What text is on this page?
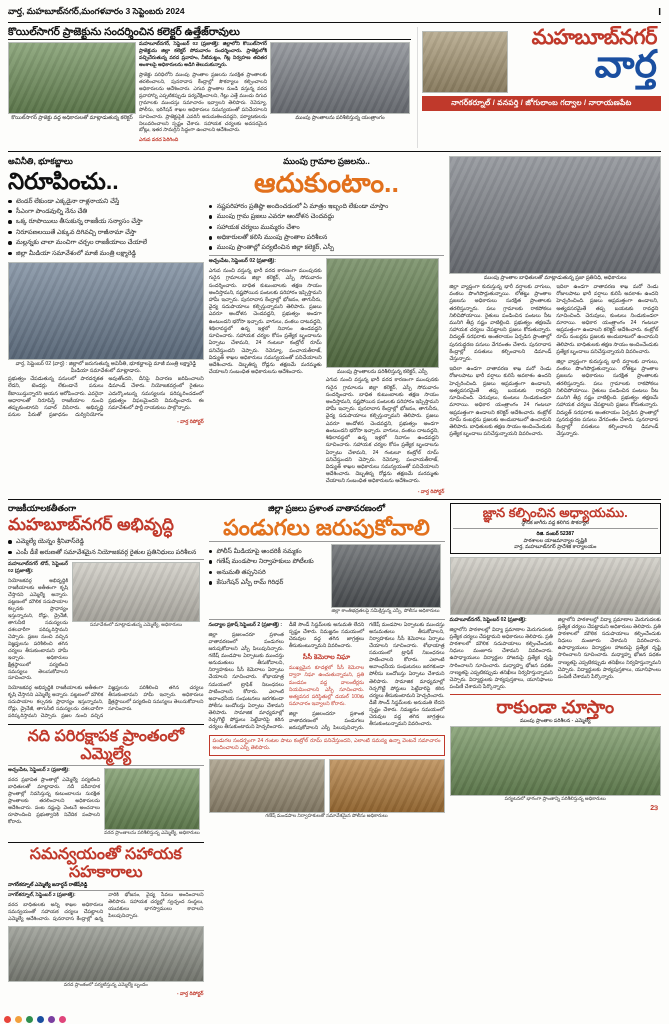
వార్త, మహబూబ్‌నగర్,మంగళవారం 3 సెప్టెంబరు 2024	I
కొయిల్‌సాగర్ ప్రాజెక్టును సందర్శించిన కలెక్టర్ ఉత్తేజ్‌రావులు
కొయిల్‌సాగర్ ప్రాజెక్టు వద్ద అధికారులతో మాట్లాడుతున్న కలెక్టర్

మహబూబ్‌నగర్, సెప్టెంబర్ 02 (ప్రజాశక్తి): జిల్లాలోని కొయిల్‌సాగర్ ప్రాజెక్టును జిల్లా కలెక్టర్ సోమవారం సందర్శించారు. ప్రాజెక్టులోకి వచ్చిచేరుతున్న వరద ప్రవాహం, నీటిమట్టం, గేట్ల నిర్వహణ తదితర అంశాలపై అధికారులను అడిగి తెలుసుకున్నారు.

ప్రాజెక్టు పరిధిలోని ముంపు ప్రాంతాల ప్రజలను సురక్షిత ప్రాంతాలకు తరలించాలని, పునరావాస కేంద్రాల్లో సౌకర్యాలు కల్పించాలని అధికారులను ఆదేశించారు. ఎగువ ప్రాంతాల నుండి వస్తున్న వరద ప్రవాహాన్ని ఎప్పటికప్పుడు పర్యవేక్షించాలని, గేట్లు ఎత్తే ముందు దిగువ గ్రామాలకు ముందస్తు సమాచారం ఇవ్వాలని తెలిపారు. రెవెన్యూ, పోలీసు, ఇరిగేషన్ శాఖల అధికారులు సమన్వయంతో పనిచేయాలని సూచించారు. ప్రాజెక్టుపైకి ఎవరినీ అనుమతించవద్దని, పర్యాటకులను నిలువరించాలని స్పష్టం చేశారు. సహాయక చర్యలకు అవసరమైన బోట్లు, ఇతర సామగ్రిని సిద్ధంగా ఉంచాలని ఆదేశించారు.

ఎగువ వరద పెరిగింది

ముంపు ప్రాంతాలను పరిశీలిస్తున్న యంత్రాంగం
మహబూబ్‌నగర్
వార్త
నాగర్‌కర్నూల్ / వనపర్తి / జోగులాంబ గద్వాల / నారాయణపేట
అవినీతి, భూకబ్జాలు
నిరూపించు..
టెండర్ లేకుండా ఎక్కడైనా రాళ్లనాయని చేస్తే
సీఎంగా పాండవుల్ని నేను చేతి
ఒక్క రూపాయిలు తీసుకున్న రాజకీయ సన్యాసం చేస్తా
నిరూపణలయితే ఎక్కువ దిగివచ్చి రాజీనామా చేస్తా
మల్లన్నకు చాలా మంచిగా చర్చల రాజకీయాలు చేయాలే
జిల్లా మీడియా సమావేశంలో మాజీ మంత్రి లక్ష్మారెడ్డి
వార్త, సెప్టెంబర్ 02 (వార్త) : జిల్లాలో జరుగుతున్న అవినీతి, భూకబ్జాలపై మాజీ మంత్రి లక్ష్మారెడ్డి మీడియా సమావేశంలో మాట్లాడారు.

ప్రభుత్వం చేపడుతున్న పనులలో పారదర్శకత లేదని, టెండర్లు లేకుండానే పనులు కేటాయిస్తున్నారని ఆయన ఆరోపించారు. ఎవరైనా ఆధారాలతో నిరూపిస్తే రాజకీయాల నుంచి తప్పుకుంటానని సవాల్ విసిరారు. అభివృద్ధి పనుల పేరుతో ప్రజాధనం దుర్వినియోగం అవుతోందని, దీనిపై విచారణ జరిపించాలని డిమాండ్ చేశారు. నియోజకవర్గంలో రైతులు ఎదుర్కొంటున్న సమస్యలను పరిష్కరించడంలో ప్రభుత్వం విఫలమైందని విమర్శించారు. ఈ సమావేశంలో పార్టీ నాయకులు పాల్గొన్నారు.

- వార్త రిపోర్టర్
ముంపు గ్రామాల ప్రజలను..
ఆదుకుంటాం..
నష్టపరిహారం ప్రతిష్టా అందించడంలో ఏ మాత్రం ఇబ్బంది లేకుండా చూస్తాం
ముంపు గ్రామ ప్రజలు ఎవరూ ఆందోళన చెందవద్దు
సహాయక చర్యలు ముమ్మరం చేశాం
అధికారులతో కలిసి ముంపు ప్రాంతాల పరిశీలన
ముంపు ప్రాంతాల్లో పర్యటించిన జిల్లా కలెక్టర్, ఎస్పీ

అచ్చంపేట, సెప్టెంబర్ 02 (ప్రజాశక్తి):

ఎగువ నుంచి వస్తున్న భారీ వరద కారణంగా ముంపునకు గురైన గ్రామాలను జిల్లా కలెక్టర్, ఎస్పీ సోమవారం సందర్శించారు. బాధిత కుటుంబాలకు తక్షణ సాయం అందిస్తామని, నష్టపోయిన పంటలకు పరిహారం ఇప్పిస్తామని హామీ ఇచ్చారు. పునరావాస కేంద్రాల్లో భోజనం, తాగునీరు, వైద్య సదుపాయాలు కల్పిస్తున్నామని తెలిపారు. ప్రజలు ఎవరూ ఆందోళన చెందవద్దని, ప్రభుత్వం అండగా ఉంటుందని భరోసా ఇచ్చారు. వాగులు, వంకలు దాటవద్దని, శిథిలావస్థలో ఉన్న ఇళ్లలో నివాసం ఉండవద్దని సూచించారు. సహాయక చర్యల కోసం ప్రత్యేక బృందాలను ఏర్పాటు చేశామని, 24 గంటలూ కంట్రోల్ రూమ్ పనిచేస్తుందని చెప్పారు. రెవెన్యూ, పంచాయతీరాజ్, విద్యుత్ శాఖల అధికారులు సమన్వయంతో పనిచేయాలని ఆదేశించారు. దెబ్బతిన్న రోడ్లను తక్షణమే మరమ్మతు చేయాలని సంబంధిత అధికారులను ఆదేశించారు.	ముంపు ప్రాంతాలను పరిశీలిస్తున్న కలెక్టర్, ఎస్పీ

ఎగువ నుంచి వస్తున్న భారీ వరద కారణంగా ముంపునకు గురైన గ్రామాలను జిల్లా కలెక్టర్, ఎస్పీ సోమవారం సందర్శించారు. బాధిత కుటుంబాలకు తక్షణ సాయం అందిస్తామని, నష్టపోయిన పంటలకు పరిహారం ఇప్పిస్తామని హామీ ఇచ్చారు. పునరావాస కేంద్రాల్లో భోజనం, తాగునీరు, వైద్య సదుపాయాలు కల్పిస్తున్నామని తెలిపారు. ప్రజలు ఎవరూ ఆందోళన చెందవద్దని, ప్రభుత్వం అండగా ఉంటుందని భరోసా ఇచ్చారు. వాగులు, వంకలు దాటవద్దని, శిథిలావస్థలో ఉన్న ఇళ్లలో నివాసం ఉండవద్దని సూచించారు. సహాయక చర్యల కోసం ప్రత్యేక బృందాలను ఏర్పాటు చేశామని, 24 గంటలూ కంట్రోల్ రూమ్ పనిచేస్తుందని చెప్పారు. రెవెన్యూ, పంచాయతీరాజ్, విద్యుత్ శాఖల అధికారులు సమన్వయంతో పనిచేయాలని ఆదేశించారు. దెబ్బతిన్న రోడ్లను తక్షణమే మరమ్మతు చేయాలని సంబంధిత అధికారులను ఆదేశించారు.

- వార్త రిపోర్టర్
ముంపు ప్రాంతాల బాధితులతో మాట్లాడుతున్న ప్రజా ప్రతినిధి, అధికారులు

జిల్లా వ్యాప్తంగా కురుస్తున్న భారీ వర్షాలకు వాగులు, వంకలు పొంగిపొర్లుతున్నాయి. లోతట్టు ప్రాంతాల ప్రజలను అధికారులు సురక్షిత ప్రాంతాలకు తరలిస్తున్నారు. పలు గ్రామాలకు రాకపోకలు నిలిచిపోయాయి. రైతులు పండించిన పంటలు నీట మునిగి తీవ్ర నష్టం వాటిల్లింది. ప్రభుత్వం తక్షణమే సహాయక చర్యలు చేపట్టాలని ప్రజలు కోరుతున్నారు. విద్యుత్ సరఫరాకు అంతరాయం ఏర్పడిన ప్రాంతాల్లో పునరుద్ధరణ పనులు వేగవంతం చేశారు. పునరావాస కేంద్రాల్లో వసతులు కల్పించాలని డిమాండ్ చేస్తున్నారు.

ఇదిలా ఉండగా వాతావరణ శాఖ మరో రెండు రోజులపాటు భారీ వర్షాలు కురిసే అవకాశం ఉందని హెచ్చరించింది. ప్రజలు అప్రమత్తంగా ఉండాలని, అత్యవసరమైతే తప్ప బయటకు రావద్దని సూచించింది. చెరువులు, కుంటలు నిండుకుండలా మారాయి. అధికార యంత్రాంగం 24 గంటలూ అప్రమత్తంగా ఉండాలని కలెక్టర్ ఆదేశించారు. కంట్రోల్ రూమ్ నంబర్లను ప్రజలకు అందుబాటులో ఉంచామని తెలిపారు. బాధితులకు తక్షణ సాయం అందించేందుకు ప్రత్యేక బృందాలు పనిచేస్తున్నాయని వివరించారు.

ఇదిలా ఉండగా వాతావరణ శాఖ మరో రెండు రోజులపాటు భారీ వర్షాలు కురిసే అవకాశం ఉందని హెచ్చరించింది. ప్రజలు అప్రమత్తంగా ఉండాలని, అత్యవసరమైతే తప్ప బయటకు రావద్దని సూచించింది. చెరువులు, కుంటలు నిండుకుండలా మారాయి. అధికార యంత్రాంగం 24 గంటలూ అప్రమత్తంగా ఉండాలని కలెక్టర్ ఆదేశించారు. కంట్రోల్ రూమ్ నంబర్లను ప్రజలకు అందుబాటులో ఉంచామని తెలిపారు. బాధితులకు తక్షణ సాయం అందించేందుకు ప్రత్యేక బృందాలు పనిచేస్తున్నాయని వివరించారు.

జిల్లా వ్యాప్తంగా కురుస్తున్న భారీ వర్షాలకు వాగులు, వంకలు పొంగిపొర్లుతున్నాయి. లోతట్టు ప్రాంతాల ప్రజలను అధికారులు సురక్షిత ప్రాంతాలకు తరలిస్తున్నారు. పలు గ్రామాలకు రాకపోకలు నిలిచిపోయాయి. రైతులు పండించిన పంటలు నీట మునిగి తీవ్ర నష్టం వాటిల్లింది. ప్రభుత్వం తక్షణమే సహాయక చర్యలు చేపట్టాలని ప్రజలు కోరుతున్నారు. విద్యుత్ సరఫరాకు అంతరాయం ఏర్పడిన ప్రాంతాల్లో పునరుద్ధరణ పనులు వేగవంతం చేశారు. పునరావాస కేంద్రాల్లో వసతులు కల్పించాలని డిమాండ్ చేస్తున్నారు.

రాజకీయాలకతీతంగా
మహబూబ్‌నగర్ అభివృద్ధి
ఎమ్మెల్యే యెన్నం శ్రీనివాస్‌రెడ్డి
ఎంపీ డీకే అరుణతో సమావేశమైన నియోజకవర్గ రైతుల ప్రతినిధులు పరిశీలన

మహబూబ్‌నగర్ టౌన్, సెప్టెంబర్ 02 (ప్రజాశక్తి):

నియోజకవర్గ అభివృద్ధికి రాజకీయాలకు అతీతంగా కృషి చేస్తానని ఎమ్మెల్యే అన్నారు. పట్టణంలో మౌలిక సదుపాయాల కల్పనకు ప్రాధాన్యం ఇస్తున్నామని, రోడ్లు, డ్రైనేజీ, తాగునీటి సమస్యలను దశలవారీగా పరిష్కరిస్తామని చెప్పారు. ప్రజల నుంచి వచ్చిన విజ్ఞప్తులను పరిశీలించి తగిన చర్యలు తీసుకుంటామని హామీ ఇచ్చారు. అధికారులు క్షేత్రస్థాయిలో పర్యటించి సమస్యలు తెలుసుకోవాలని సూచించారు.

సమావేశంలో మాట్లాడుతున్న ఎమ్మెల్యే, అధికారులు

నియోజకవర్గ అభివృద్ధికి రాజకీయాలకు అతీతంగా కృషి చేస్తానని ఎమ్మెల్యే అన్నారు. పట్టణంలో మౌలిక సదుపాయాల కల్పనకు ప్రాధాన్యం ఇస్తున్నామని, రోడ్లు, డ్రైనేజీ, తాగునీటి సమస్యలను దశలవారీగా పరిష్కరిస్తామని చెప్పారు. ప్రజల నుంచి వచ్చిన విజ్ఞప్తులను పరిశీలించి తగిన చర్యలు తీసుకుంటామని హామీ ఇచ్చారు. అధికారులు క్షేత్రస్థాయిలో పర్యటించి సమస్యలు తెలుసుకోవాలని సూచించారు.

నది పరిరక్షాపక ప్రాంతంలో ఎమ్మెల్యే

అచ్చంపేట, సెప్టెంబర్ 2 (ప్రజాశక్తి):

వరద ప్రభావిత ప్రాంతాల్లో ఎమ్మెల్యే పర్యటించి బాధితులతో మాట్లాడారు. నదీ పరీవాహక ప్రాంతాల్లో నివసిస్తున్న కుటుంబాలను సురక్షిత ప్రాంతాలకు తరలించాలని అధికారులను ఆదేశించారు. పంట నష్టంపై వెంటనే అంచనాలు రూపొందించి ప్రభుత్వానికి నివేదిక పంపాలని కోరారు.

వరద ప్రాంతాలను పరిశీలిస్తున్న ఎమ్మెల్యే, అధికారులు
సమన్వయంతో సహాయక సహకారాలు
నాగర్‌కర్నూల్ ఎమ్మెల్యే జనార్ధన్ రాజేష్‌రెడ్డి

నాగర్‌కర్నూల్, సెప్టెంబర్ 2 (ప్రజాశక్తి):

వరద బాధితులకు అన్ని శాఖల అధికారులు సమన్వయంతో సహాయక చర్యలు చేపట్టాలని ఎమ్మెల్యే ఆదేశించారు. పునరావాస కేంద్రాల్లో ఉన్న వారికి భోజనం, వైద్య సేవలు అందించాలని తెలిపారు. సహాయక చర్యల్లో స్వచ్ఛంద సంస్థలు, యువకులు భాగస్వాములు కావాలని పిలుపునిచ్చారు.

వరద ప్రాంతంలో పర్యటిస్తున్న ఎమ్మెల్యే బృందం
- వార్త రిపోర్టర్
జిల్లా ప్రజలు ప్రశాంత వాతావరణంలో
పండుగలు జరుపుకోవాలి
పోలీస్ మీడియాపై అందరికీ నమ్మకం
గణేష్ మండపాల నిర్వాహకులు పోటీలకు
అనుమతి తప్పనిసరి
కేసుగేషన్ ఎస్పీ రామ్ గిరిధర్
జిల్లా శాంతిభద్రతలపై సమీక్షిస్తున్న ఎస్పీ, పోలీసు అధికారులు

నంద్యాల ప్రకాష్ సెప్టెంబర్ 2 (ప్రజాశక్తి) :

జిల్లా ప్రజలందరూ ప్రశాంత వాతావరణంలో పండుగలు జరుపుకోవాలని ఎస్పీ పిలుపునిచ్చారు. గణేష్ మండపాల ఏర్పాటుకు ముందస్తు అనుమతులు తీసుకోవాలని, నిర్వాహకులు సీసీ కెమెరాలు ఏర్పాటు చేయాలని సూచించారు. శోభాయాత్ర సమయంలో ట్రాఫిక్ నిబంధనలు పాటించాలని కోరారు. ఎలాంటి అవాంఛనీయ సంఘటనలు జరగకుండా పోలీసు బందోబస్తు ఏర్పాటు చేశామని తెలిపారు. సామాజిక మాధ్యమాల్లో రెచ్చగొట్టే పోస్టులు పెట్టేవారిపై కఠిన చర్యలు తీసుకుంటామని హెచ్చరించారు. డీజే సౌండ్ సిస్టమ్‌లకు అనుమతి లేదని స్పష్టం చేశారు. నిమజ్జనం సమయంలో చెరువుల వద్ద తగిన జాగ్రత్తలు తీసుకుంటున్నామని వివరించారు.

సీసీ కెమెరాల నిఘా

ముఖ్యమైన కూడళ్లలో సీసీ కెమెరాల ద్వారా నిఘా ఉంచుతున్నామని, ప్రతి మండపం వద్ద వాలంటీర్లను నియమించాలని ఎస్పీ సూచించారు. అత్యవసర పరిస్థితుల్లో డయల్ 100కు సమాచారం ఇవ్వాలని కోరారు.

జిల్లా ప్రజలందరూ ప్రశాంత వాతావరణంలో పండుగలు జరుపుకోవాలని ఎస్పీ పిలుపునిచ్చారు. గణేష్ మండపాల ఏర్పాటుకు ముందస్తు అనుమతులు తీసుకోవాలని, నిర్వాహకులు సీసీ కెమెరాలు ఏర్పాటు చేయాలని సూచించారు. శోభాయాత్ర సమయంలో ట్రాఫిక్ నిబంధనలు పాటించాలని కోరారు. ఎలాంటి అవాంఛనీయ సంఘటనలు జరగకుండా పోలీసు బందోబస్తు ఏర్పాటు చేశామని తెలిపారు. సామాజిక మాధ్యమాల్లో రెచ్చగొట్టే పోస్టులు పెట్టేవారిపై కఠిన చర్యలు తీసుకుంటామని హెచ్చరించారు. డీజే సౌండ్ సిస్టమ్‌లకు అనుమతి లేదని స్పష్టం చేశారు. నిమజ్జనం సమయంలో చెరువుల వద్ద తగిన జాగ్రత్తలు తీసుకుంటున్నామని వివరించారు.

పండుగల సందర్భంగా 24 గంటల పాటు కంట్రోల్ రూమ్ పనిచేస్తుందని, ఎలాంటి సమస్య ఉన్నా వెంటనే సమాచారం అందించాలని ఎస్పీ తెలిపారు.
గణేష్ మండపాల నిర్వాహకులతో సమావేశమైన పోలీసు అధికారులు
జ్ఞాన కల్పించిన అధ్యాయము.
స్థానిక జాగీరు వద్ద కలిగిన సౌకర్యాల
రిజి. నంబర్ 52387
పాఠశాలల యాజమాన్యాల దృష్టికి
వార్త, మహబూబ్‌నగర్ ప్రాదేశిక కార్యాలయం

మహబూబ్‌నగర్, సెప్టెంబర్ 02 (ప్రజాశక్తి):

జిల్లాలోని పాఠశాలల్లో విద్యా ప్రమాణాల మెరుగుదలకు ప్రత్యేక చర్యలు చేపట్టామని అధికారులు తెలిపారు. ప్రతి పాఠశాలలో మౌలిక సదుపాయాలు కల్పించేందుకు నిధులు మంజూరు చేశామని వివరించారు. ఉపాధ్యాయులు విద్యార్థుల హాజరుపై ప్రత్యేక దృష్టి సారించాలని సూచించారు. మధ్యాహ్న భోజన పథకం నాణ్యతపై ఎప్పటికప్పుడు తనిఖీలు నిర్వహిస్తున్నామని చెప్పారు. విద్యార్థులకు పాఠ్యపుస్తకాలు, యూనిఫాంలు పంపిణీ చేశామని పేర్కొన్నారు.

జిల్లాలోని పాఠశాలల్లో విద్యా ప్రమాణాల మెరుగుదలకు ప్రత్యేక చర్యలు చేపట్టామని అధికారులు తెలిపారు. ప్రతి పాఠశాలలో మౌలిక సదుపాయాలు కల్పించేందుకు నిధులు మంజూరు చేశామని వివరించారు. ఉపాధ్యాయులు విద్యార్థుల హాజరుపై ప్రత్యేక దృష్టి సారించాలని సూచించారు. మధ్యాహ్న భోజన పథకం నాణ్యతపై ఎప్పటికప్పుడు తనిఖీలు నిర్వహిస్తున్నామని చెప్పారు. విద్యార్థులకు పాఠ్యపుస్తకాలు, యూనిఫాంలు పంపిణీ చేశామని పేర్కొన్నారు.

రాకుండా చూస్తాం
ముంపు ప్రాంతాల పరిశీలన - ఎమ్మెల్యే
పర్యటనలో భాగంగా ప్రాంతాన్ని పరిశీలిస్తున్న అధికారులు
2౩
